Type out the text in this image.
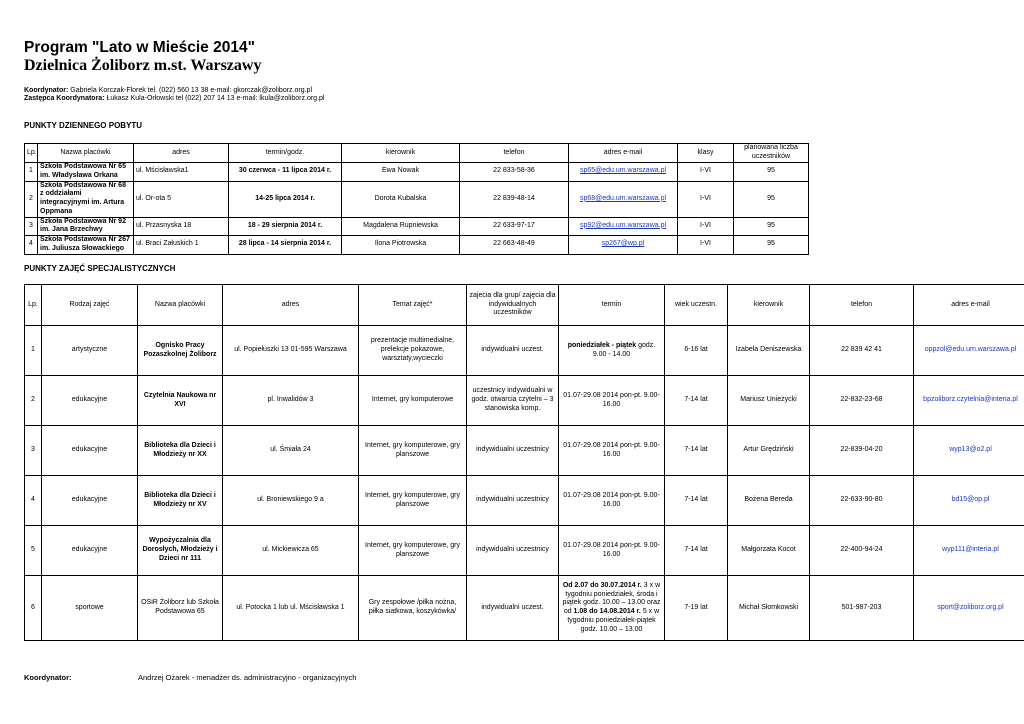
Program "Lato w Mieście 2014"
Dzielnica Żoliborz m.st. Warszawy
Koordynator: Gabriela Korczak-Florek tel. (022) 560 13 38 e-mail: gkorczak@zoliborz.org.pl
Zastępca Koordynatora: Łukasz Kula-Orłowski tel (022) 207 14 13 e-mail: lkula@zoliborz.org.pl
PUNKTY DZIENNEGO POBYTU
Lp.	Nazwa placówki	adres	termin/godz.	kierownik	telefon	adres e-mail	klasy	planowana liczba uczestników
1	Szkoła Podstawowa Nr 65 im. Władysława Orkana	ul. Mścisławska1	30 czerwca - 11 lipca 2014 r.	Ewa Nowak	22 833-58-36	sp65@edu.um.warszawa.pl	I-VI	95
2	Szkoła Podstawowa Nr 68 z oddziałami integracyjnymi im. Artura Oppmana	ul. Or-ota 5	14-25 lipca 2014 r.	Dorota Kubalska	22 839-48-14	sp68@edu.um.warszawa.pl	I-VI	95
3	Szkoła Podstawowa Nr 92 im. Jana Brzechwy	ul. Przasnyska 18	18 - 29 sierpnia 2014 r.	Magdalena Rupniewska	22 633-97-17	sp92@edu.um.warszawa.pl	I-VI	95
4	Szkoła Podstawowa Nr 267 im. Juliusza Słowackiego	ul. Braci Załuskich 1	28 lipca - 14 sierpnia 2014 r.	Ilona Piotrowska	22 663-48-49	sp267@wp.pl	I-VI	95
PUNKTY ZAJĘĆ SPECJALISTYCZNYCH
Lp.	Rodzaj zajęć	Nazwa placówki	adres	Temat zajęć*	zajecia dla grup/ zajęcia dla indywidualnych uczestników	termin	wiek uczestn.	kierownik	telefon	adres e-mail
1	artystyczne	Ognisko Pracy Pozaszkolnej Żoliborz	ul. Popiełuszki 13 01-595 Warszawa	prezentacje multimedialne, prelekcje pokazowe, warsztaty,wycieczki	indywidualni uczest.	poniedziałek - piątek godz. 9.00 - 14.00	6-16 lat	Izabela Deniszewska	22 839 42 41	oppzol@edu.um.warszawa.pl
2	edukacyjne	Czytelnia Naukowa nr XVI	pl. Inwalidów 3	Internet, gry komputerowe	uczestnicy indywidualni w godz. otwarcia czytelni – 3 stanowiska komp.	01.07-29.08 2014 pon-pt. 9.00-16.00	7-14 lat	Mariusz Unieżycki	22-832-23-68	bpzoliborz.czytelnia@interia.pl
3	edukacyjne	Biblioteka dla Dzieci i Młodzieży nr XX	ul. Śmiała 24	Internet, gry komputerowe, gry planszowe	indywidualni uczestnicy	01.07-29.08 2014 pon-pt. 9.00-16.00	7-14 lat	Artur Grędziński	22-839-04-20	wyp13@o2.pl
4	edukacyjne	Biblioteka dla Dzieci i Młodzieży nr XV	ul. Broniewskiego 9 a	Internet, gry komputerowe, gry planszowe	indywidualni uczestnicy	01.07-29.08 2014 pon-pt. 9.00-16.00	7-14 lat	Bożena Bereda	22-633-90-80	bd15@op.pl
5	edukacyjne	Wypożyczalnia dla Dorosłych, Młodzieży i Dzieci nr 111	ul. Mickiewicza 65	Internet, gry komputerowe, gry planszowe	indywidualni uczestnicy	01.07-29.08 2014 pon-pt. 9.00-16.00	7-14 lat	Małgorzata Kocot	22-400-94-24	wyp111@interia.pl
6	sportowe	OSiR Żoliborz lub Szkoła Podstawowa 65	ul. Potocka 1 lub ul. Mścisławska 1	Gry zespołowe /piłka nożna, piłka siatkowa, koszykówka/	indywidualni uczest.	Od 2.07 do 30.07.2014 r. 3 x w tygodniu poniedziałek, środa i piątek godz. 10.00 – 13.00 oraz od 1.08 do 14.08.2014 r. 5 x w tygodniu poniedziałek-piątek godz. 10.00 – 13.00	7-19 lat	Michał Słomkowski	501-987-203	sport@zoliborz.org.pl
Koordynator:	Andrzej Ożarek - menadżer ds. administracyjno - organizacyjnych
